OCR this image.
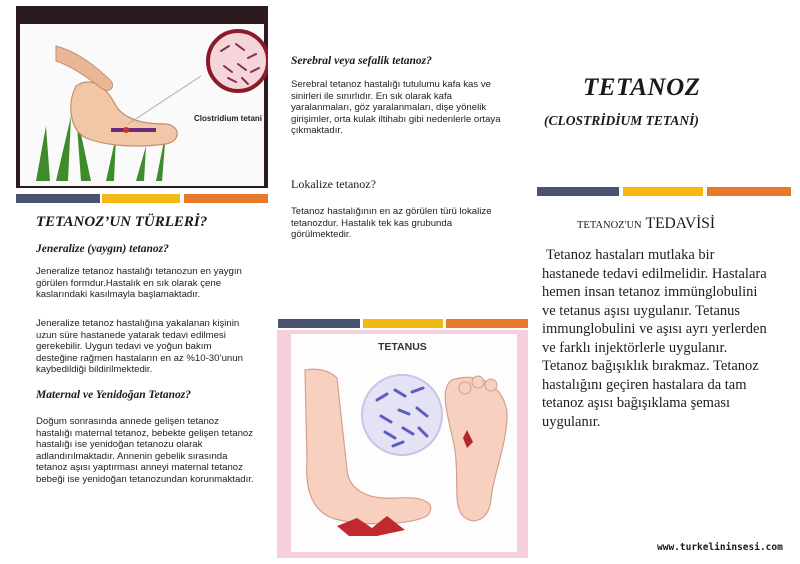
Clostridium tetani
TETANOZ’UN TÜRLERİ?
Jeneralize (yaygın) tetanoz?

Jeneralize tetanoz hastalığı tetanozun en yaygın görülen formdur.Hastalık en sık olarak çene kaslarındaki kasılmayla başlamaktadır.

Jeneralize tetanoz hastalığına yakalanan kişinin uzun süre hastanede yatarak tedavi edilmesi gerekebilir. Uygun tedavi ve yoğun bakım desteğine rağmen hastaların en az %10-30’unun kaybedildiği bildirilmektedir.

Maternal ve Yenidoğan Tetanoz?

Doğum sonrasında annede gelişen tetanoz hastalığı maternal tetanoz, bebekte gelişen tetanoz hastalığı ise yenidoğan tetanozu olarak adlandırılmaktadır. Annenin gebelik sırasında tetanoz aşısı yaptırması anneyi maternal tetanoz bebeği ise yenidoğan tetanozundan korunmaktadır.

Serebral veya sefalik tetanoz?

Serebral tetanoz hastalığı tutulumu kafa kas ve sinirleri ile sınırlıdır. En sık olarak kafa yaralanmaları, göz yaralanmaları, dişe yönelik girişimler, orta kulak iltihabı gibi nedenlerle ortaya çıkmaktadır.

Lokalize tetanoz?

Tetanoz hastalığının en az görülen türü lokalize tetanozdur. Hastalık tek kas grubunda görülmektedir.

TETANUS
TETANOZ
(CLOSTRİDİUM TETANİ)
TETANOZ'UN TEDAVİSİ

Tetanoz hastaları mutlaka bir hastanede tedavi edilmelidir. Hastalara hemen insan tetanoz immünglobulini ve tetanus aşısı uygulanır. Tetanus immunglobulini ve aşısı ayrı yerlerden ve farklı injektörlerle uygulanır. Tetanoz bağışıklık bırakmaz. Tetanoz hastalığını geçiren hastalara da tam tetanoz aşısı bağışıklama şeması uygulanır.

www.turkelininsesi.com
